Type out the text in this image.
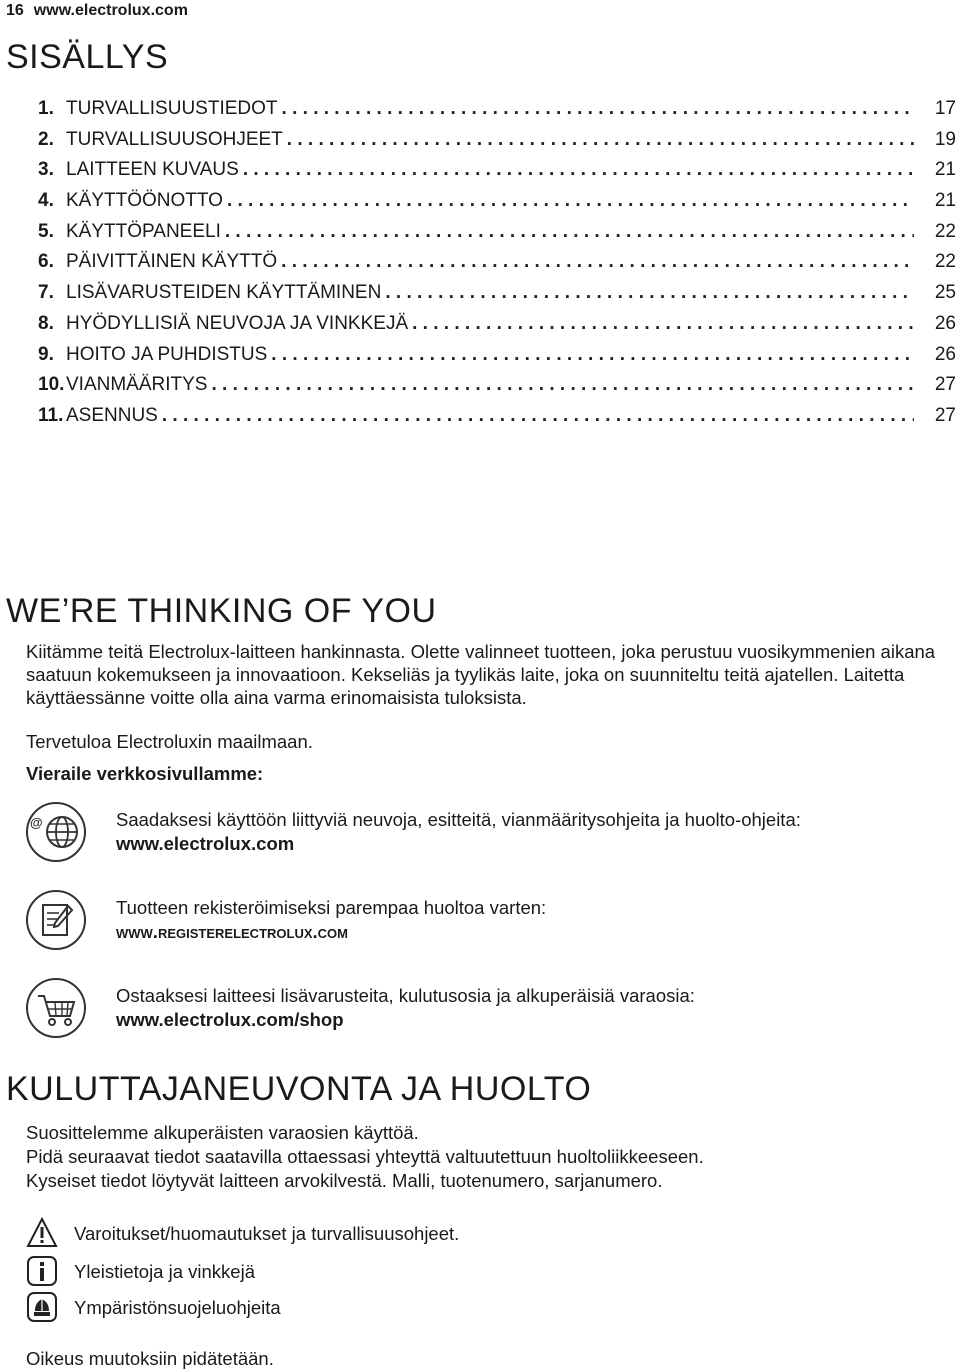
16 www.electrolux.com
SISÄLLYS
1. TURVALLISUUSTIEDOT . . .	17
2. TURVALLISUUSOHJEET . . .	19
3. LAITTEEN KUVAUS . . .	21
4. KÄYTTÖÖNOTTO . . .	21
5. KÄYTTÖPANEELI . . .	22
6. PÄIVITTÄINEN KÄYTTÖ . . .	22
7. LISÄVARUSTEIDEN KÄYTTÄMINEN . . .	25
8. HYÖDYLLISIÄ NEUVOJA JA VINKKEJÄ . . .	26
9. HOITO JA PUHDISTUS . . .	26
10. VIANMÄÄRITYS . . .	27
11. ASENNUS . . .	27
WE’RE THINKING OF YOU

Kiitämme teitä Electrolux-laitteen hankinnasta. Olette valinneet tuotteen, joka perustuu vuosikymmenien aikana saatuun kokemukseen ja innovaatioon. Kekseliäs ja tyylikäs laite, joka on suunniteltu teitä ajatellen. Laitetta käyttäessänne voitte olla aina varma erinomaisista tuloksista.

Tervetuloa Electroluxin maailmaan.

Vieraile verkkosivullamme:

@	Saadaksesi käyttöön liittyviä neuvoja, esitteitä, vianmääritysohjeita ja huolto-ohjeita:
www.electrolux.com
Tuotteen rekisteröimiseksi parempaa huoltoa varten:
www.registerelectrolux.com
Ostaaksesi laitteesi lisävarusteita, kulutusosia ja alkuperäisiä varaosia:
www.electrolux.com/shop
KULUTTAJANEUVONTA JA HUOLTO

Suosittelemme alkuperäisten varaosien käyttöä.

Pidä seuraavat tiedot saatavilla ottaessasi yhteyttä valtuutettuun huoltoliikkeeseen.

Kyseiset tiedot löytyvät laitteen arvokilvestä. Malli, tuotenumero, sarjanumero.

Varoitukset/huomautukset ja turvallisuusohjeet.
Yleistietoja ja vinkkejä
Ympäristönsuojeluohjeita
Oikeus muutoksiin pidätetään.
